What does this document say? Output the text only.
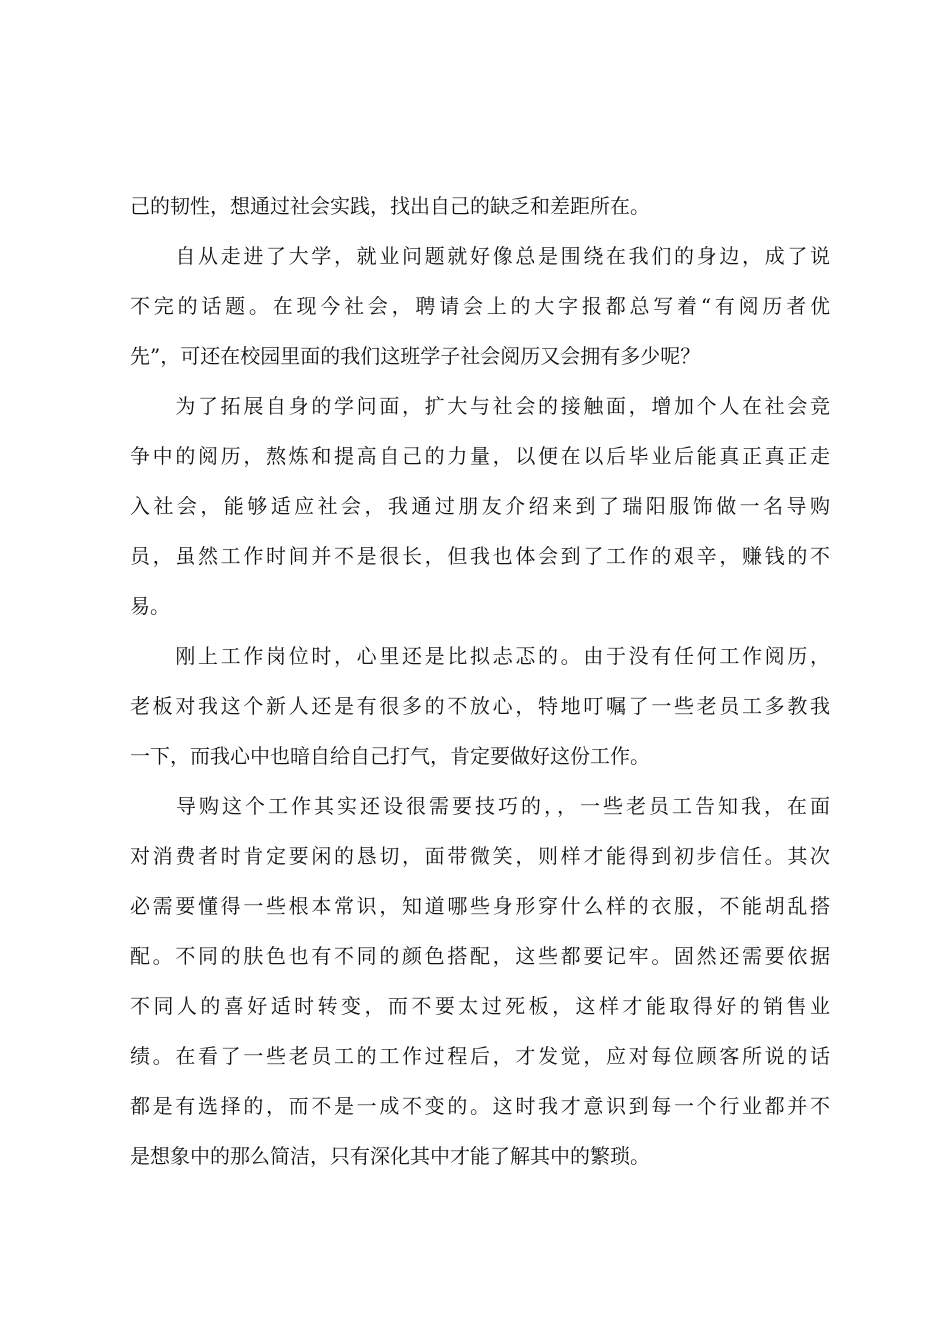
己的韧性，想通过社会实践，找出自己的缺乏和差距所在。
　　自从走进了大学，就业问题就好像总是围绕在我们的身边，成了说
不完的话题。在现今社会，聘请会上的大字报都总写着“有阅历者优
先”，可还在校园里面的我们这班学子社会阅历又会拥有多少呢？
　　为了拓展自身的学问面，扩大与社会的接触面，增加个人在社会竞
争中的阅历，熬炼和提高自己的力量，以便在以后毕业后能真正真正走
入社会，能够适应社会，我通过朋友介绍来到了瑞阳服饰做一名导购
员，虽然工作时间并不是很长，但我也体会到了工作的艰辛，赚钱的不
易。
　　刚上工作岗位时，心里还是比拟忐忑的。由于没有任何工作阅历，
老板对我这个新人还是有很多的不放心，特地叮嘱了一些老员工多教我
一下，而我心中也暗自给自己打气，肯定要做好这份工作。
　　导购这个工作其实还设很需要技巧的，，一些老员工告知我，在面
对消费者时肯定要闲的恳切，面带微笑，则样才能得到初步信任。其次
必需要懂得一些根本常识，知道哪些身形穿什么样的衣服，不能胡乱搭
配。不同的肤色也有不同的颜色搭配，这些都要记牢。固然还需要依据
不同人的喜好适时转变，而不要太过死板，这样才能取得好的销售业
绩。在看了一些老员工的工作过程后，才发觉，应对每位顾客所说的话
都是有选择的，而不是一成不变的。这时我才意识到每一个行业都并不
是想象中的那么简洁，只有深化其中才能了解其中的繁琐。
